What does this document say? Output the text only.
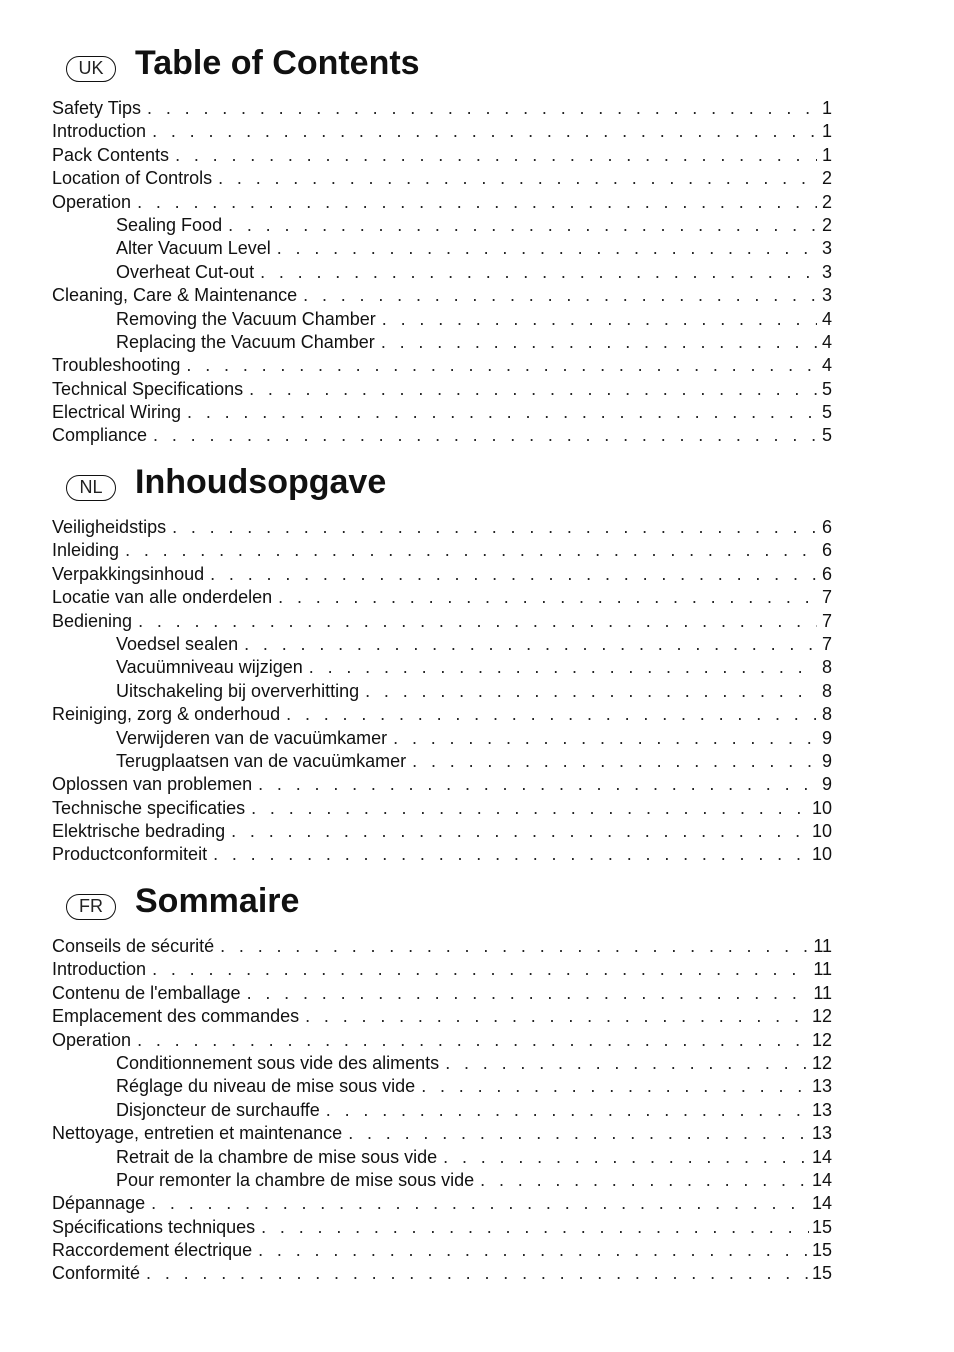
UK Table of Contents
Safety Tips . . .	1
Introduction . . .	1
Pack Contents . . .	1
Location of Controls . . .	2
Operation . . .	2
Sealing Food . . .	2
Alter Vacuum Level . . .	3
Overheat Cut-out . . .	3
Cleaning, Care & Maintenance . . .	3
Removing the Vacuum Chamber . . .	4
Replacing the Vacuum Chamber . . .	4
Troubleshooting . . .	4
Technical Specifications . . .	5
Electrical Wiring . . .	5
Compliance . . .	5
NL Inhoudsopgave
Veiligheidstips . . .	6
Inleiding . . .	6
Verpakkingsinhoud . . .	6
Locatie van alle onderdelen . . .	7
Bediening . . .	7
Voedsel sealen . . .	7
Vacuümniveau wijzigen . . .	8
Uitschakeling bij oververhitting . . .	8
Reiniging, zorg & onderhoud . . .	8
Verwijderen van de vacuümkamer . . .	9
Terugplaatsen van de vacuümkamer . . .	9
Oplossen van problemen . . .	9
Technische specificaties . . .	10
Elektrische bedrading . . .	10
Productconformiteit . . .	10
FR Sommaire
Conseils de sécurité . . .	11
Introduction . . .	11
Contenu de l'emballage . . .	11
Emplacement des commandes . . .	12
Operation . . .	12
Conditionnement sous vide des aliments . . .	12
Réglage du niveau de mise sous vide . . .	13
Disjoncteur de surchauffe . . .	13
Nettoyage, entretien et maintenance . . .	13
Retrait de la chambre de mise sous vide . . .	14
Pour remonter la chambre de mise sous vide . . .	14
Dépannage . . .	14
Spécifications techniques . . .	15
Raccordement électrique . . .	15
Conformité . . .	15
